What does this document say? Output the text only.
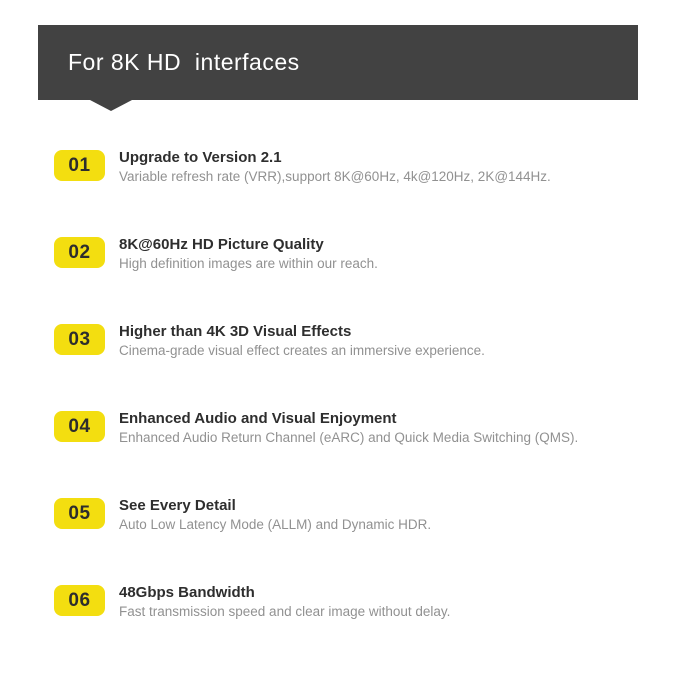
For 8K HD  interfaces
01	Upgrade to Version 2.1

Variable refresh rate (VRR),support 8K@60Hz, 4k@120Hz, 2K@144Hz.

02	8K@60Hz HD Picture Quality

High definition images are within our reach.

03	Higher than 4K 3D Visual Effects

Cinema-grade visual effect creates an immersive experience.

04	Enhanced Audio and Visual Enjoyment

Enhanced Audio Return Channel (eARC) and Quick Media Switching (QMS).

05	See Every Detail

Auto Low Latency Mode (ALLM) and Dynamic HDR.

06	48Gbps Bandwidth

Fast transmission speed and clear image without delay.
